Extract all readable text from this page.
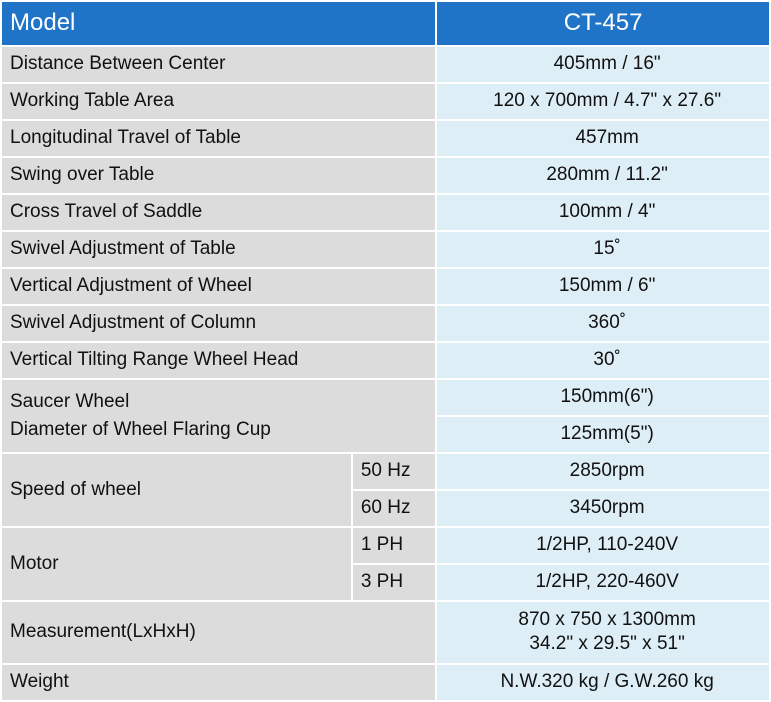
Model		CT-457
Distance Between Center		405mm / 16"
Working Table Area		120 x 700mm / 4.7" x 27.6"
Longitudinal Travel of Table		457mm
Swing over Table		280mm / 11.2"
Cross Travel of Saddle		100mm / 4"
Swivel Adjustment of Table		15˚
Vertical Adjustment of Wheel		150mm / 6"
Swivel Adjustment of Column		360˚
Vertical Tilting Range Wheel Head		30˚
Saucer Wheel
Diameter of Wheel Flaring Cup		150mm(6")
		125mm(5")
Speed of wheel	50 Hz	2850rpm
	60 Hz	3450rpm
Motor	1 PH	1/2HP, 110-240V
	3 PH	1/2HP, 220-460V
Measurement(LxHxH)		870 x 750 x 1300mm
34.2" x 29.5" x 51"

Weight		N.W.320 kg / G.W.260 kg
